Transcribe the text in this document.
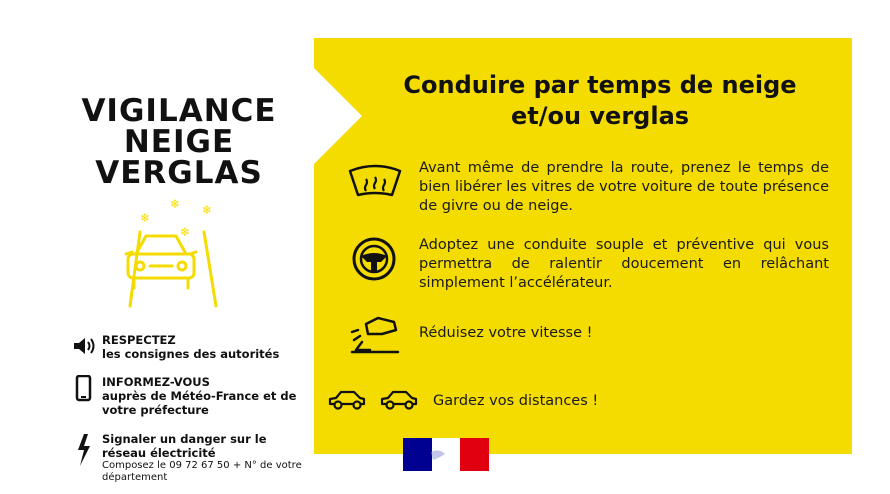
VIGILANCE
NEIGE
VERGLAS
❄
❄
❄
❄
RESPECTEZ
les consignes des autorités
INFORMEZ-VOUS
auprès de Météo-France et de votre préfecture
Signaler un danger sur le réseau électricité
Composez le 09 72 67 50 + N° de votre département
Conduire par temps de neige
et/ou verglas
Avant même de prendre la route, prenez le temps de bien libérer les vitres de votre voiture de toute présence de givre ou de neige.
Adoptez une conduite souple et préventive qui vous permettra de ralentir doucement en relâchant simplement l’accélérateur.
Réduisez votre vitesse !
Gardez vos distances !
